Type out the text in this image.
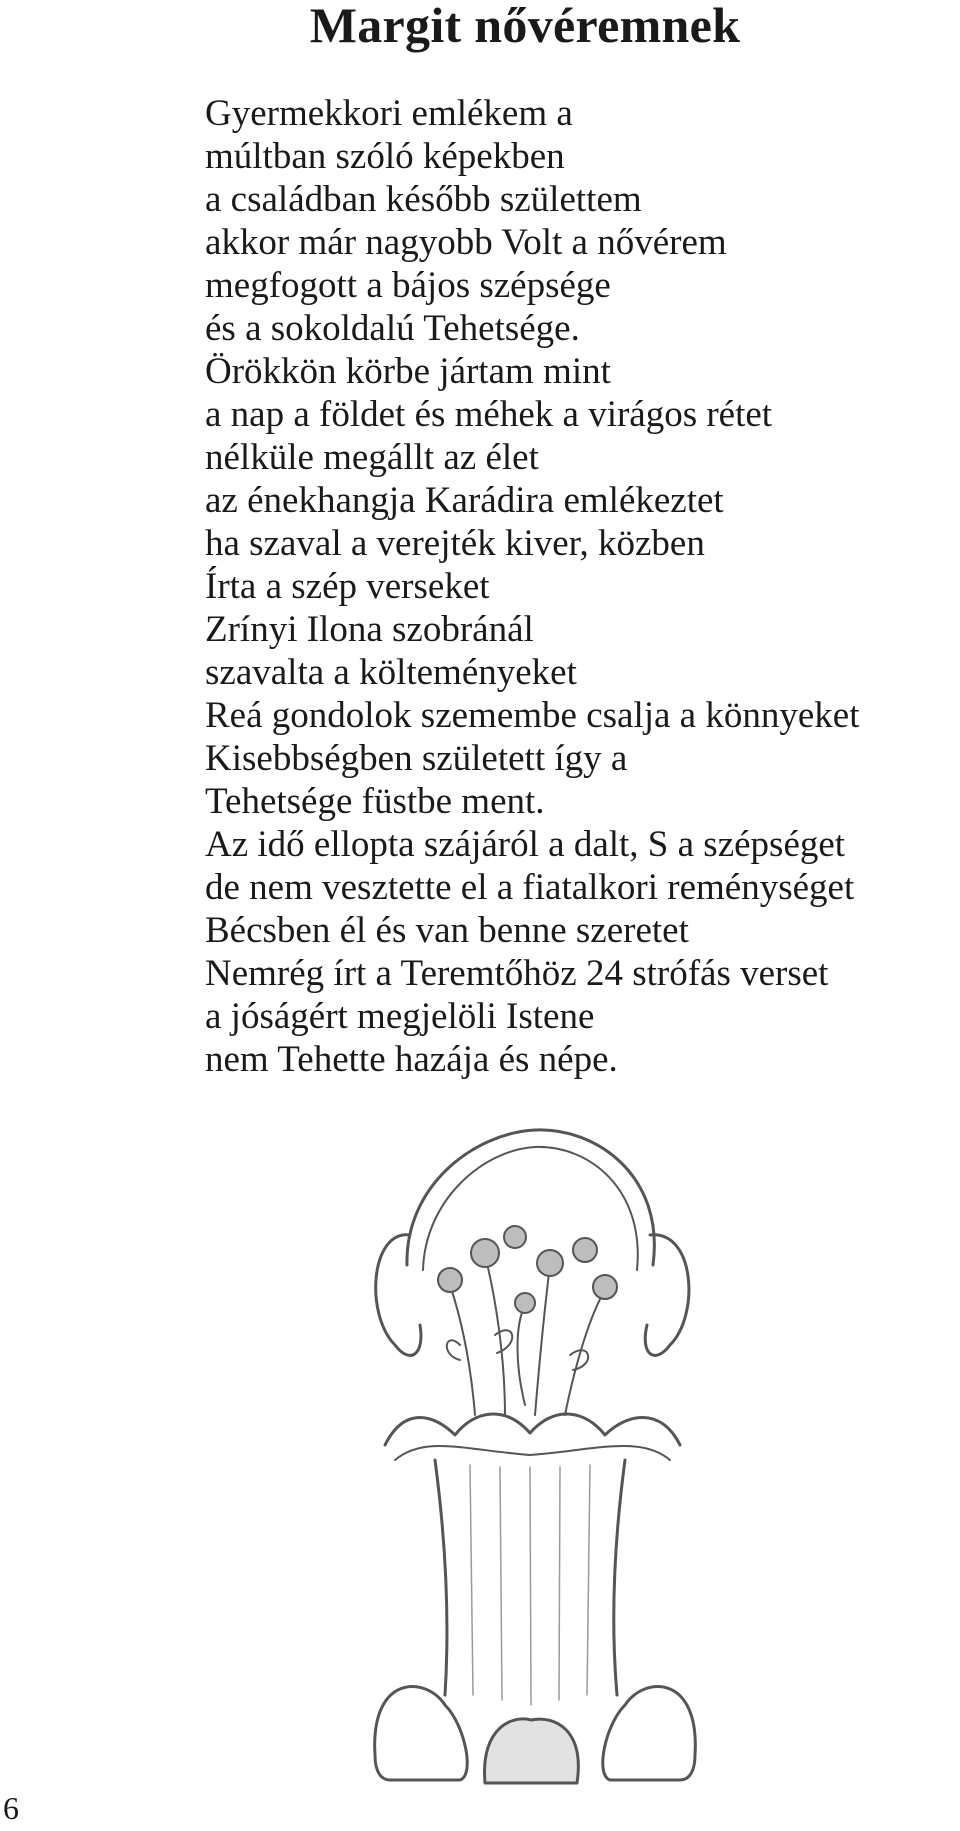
Margit nővéremnek
Gyermekkori emlékem a
múltban szóló képekben
a családban később születtem
akkor már nagyobb Volt a nővérem
megfogott a bájos szépsége
és a sokoldalú Tehetsége.
Örökkön körbe jártam mint
a nap a földet és méhek a virágos rétet
nélküle megállt az élet
az énekhangja Karádira emlékeztet
ha szaval a verejték kiver, közben
Írta a szép verseket
Zrínyi Ilona szobránál
szavalta a költeményeket
Reá gondolok szemembe csalja a könnyeket
Kisebbségben született így a
Tehetsége füstbe ment.
Az idő ellopta szájáról a dalt, S a szépséget
de nem vesztette el a fiatalkori reménységet
Bécsben él és van benne szeretet
Nemrég írt a Teremtőhöz 24 strófás verset
a jóságért megjelöli Istene
nem Tehette hazája és népe.
6
